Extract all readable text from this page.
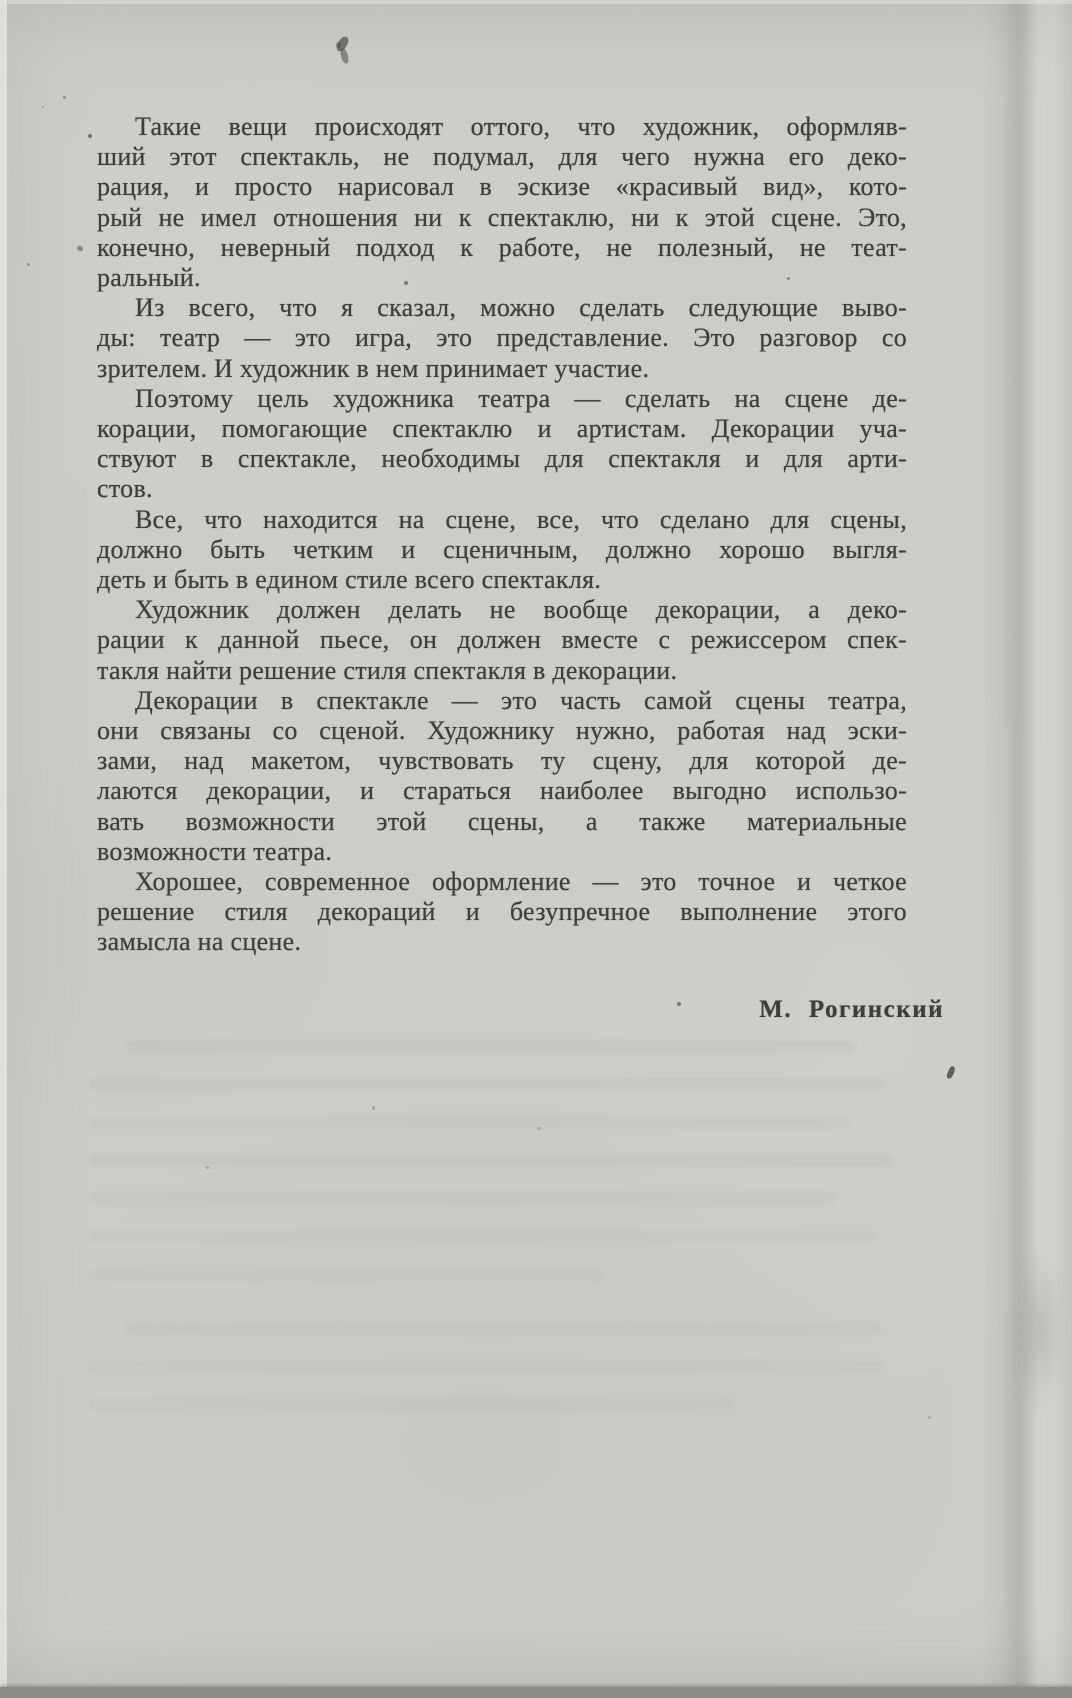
Такие вещи происходят оттого, что художник, оформляв-
ший этот спектакль, не подумал, для чего нужна его деко-
рация, и просто нарисовал в эскизе «красивый вид», кото-
рый не имел отношения ни к спектаклю, ни к этой сцене. Это,
конечно, неверный подход к работе, не полезный, не теат-
ральный.
Из всего, что я сказал, можно сделать следующие выво-
ды: театр — это игра, это представление. Это разговор со
зрителем. И художник в нем принимает участие.
Поэтому цель художника театра — сделать на сцене де-
корации, помогающие спектаклю и артистам. Декорации уча-
ствуют в спектакле, необходимы для спектакля и для арти-
стов.
Все, что находится на сцене, все, что сделано для сцены,
должно быть четким и сценичным, должно хорошо выгля-
деть и быть в едином стиле всего спектакля.
Художник должен делать не вообще декорации, а деко-
рации к данной пьесе, он должен вместе с режиссером спек-
такля найти решение стиля спектакля в декорации.
Декорации в спектакле — это часть самой сцены театра,
они связаны со сценой. Художнику нужно, работая над эски-
зами, над макетом, чувствовать ту сцену, для которой де-
лаются декорации, и стараться наиболее выгодно использо-
вать возможности этой сцены, а также материальные
возможности театра.
Хорошее, современное оформление — это точное и четкое
решение стиля декораций и безупречное выполнение этого
замысла на сцене.
М. Рогинский
